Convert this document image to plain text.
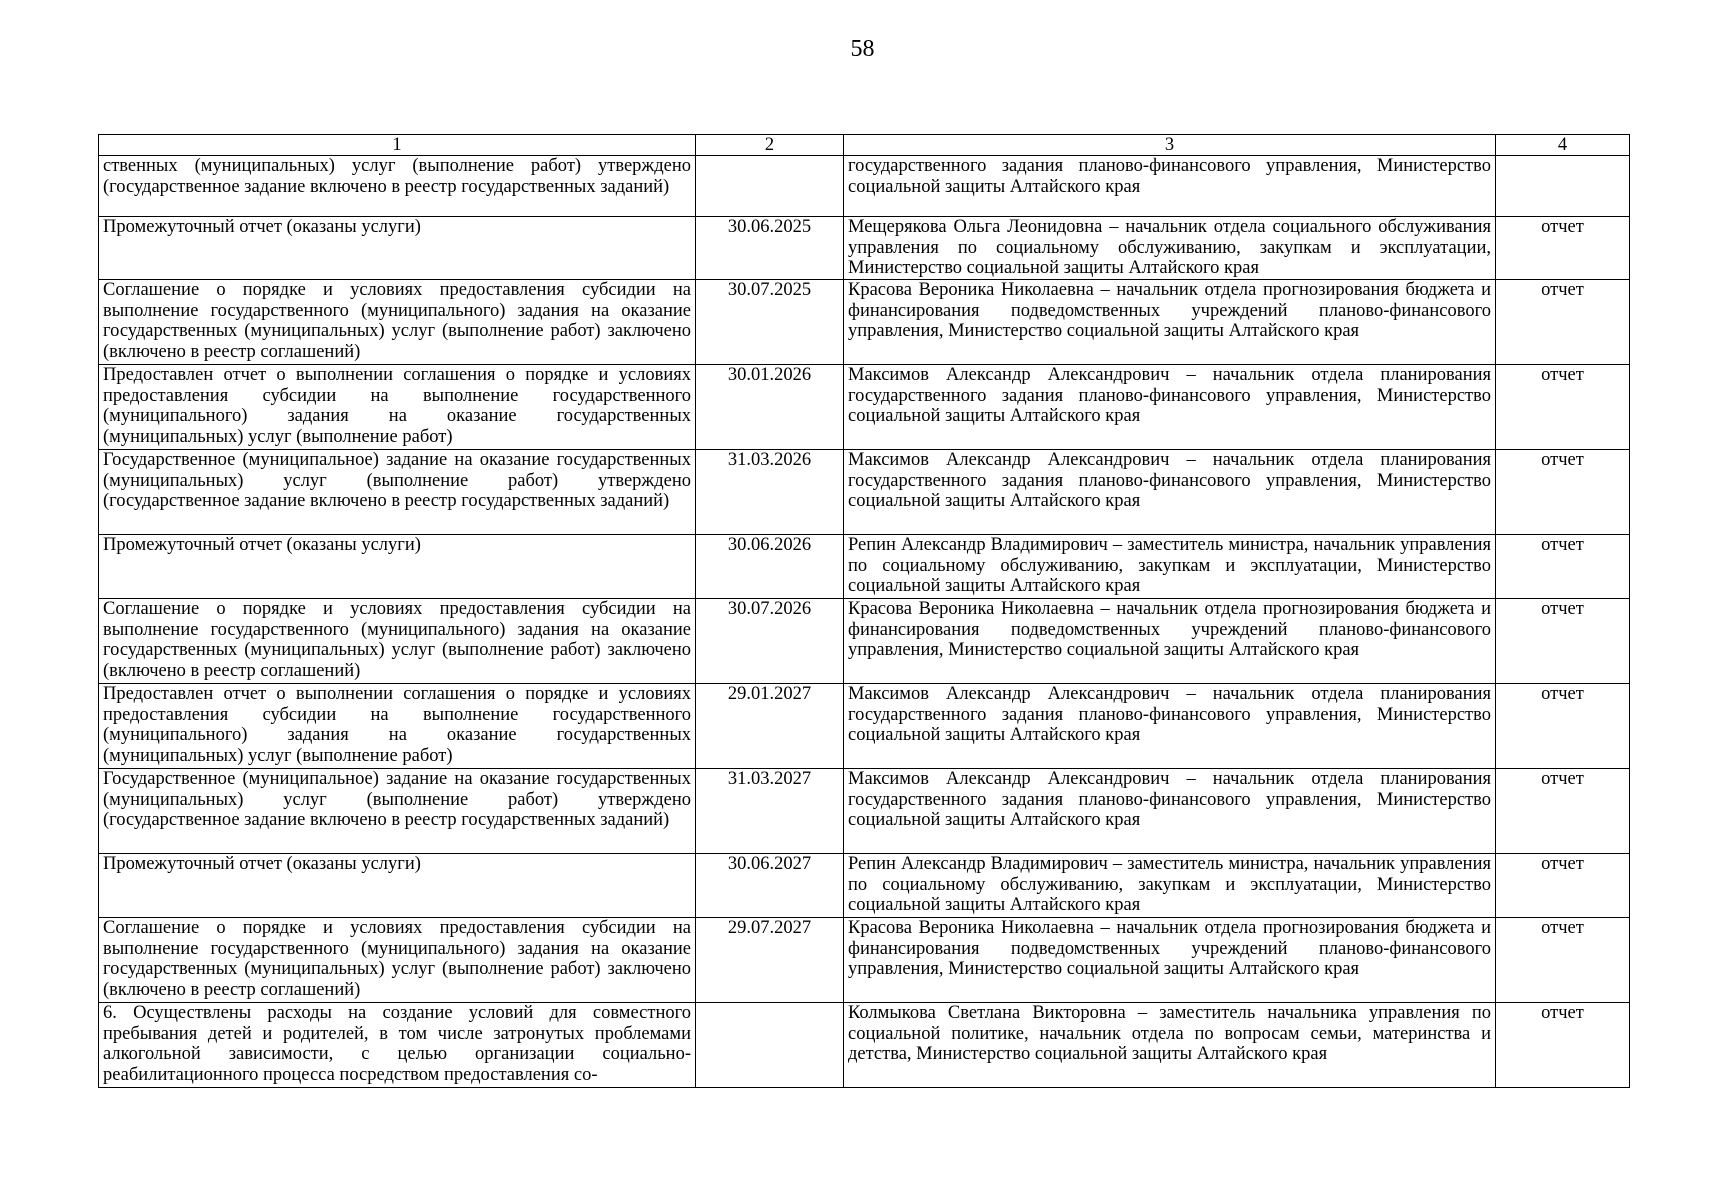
58
1	2	3	4
ственных (муниципальных) услуг (выполнение работ) утверждено (государственное задание включено в реестр государственных заданий)		государственного задания планово-финансового управления, Министерство социальной защиты Алтайского края	
Промежуточный отчет (оказаны услуги)	30.06.2025	Мещерякова Ольга Леонидовна – начальник отдела социального обслуживания управления по социальному обслуживанию, закупкам и эксплуатации, Министерство социальной защиты Алтайского края	отчет
Соглашение о порядке и условиях предоставления субсидии на выполнение государственного (муниципального) задания на оказание государственных (муниципальных) услуг (выполнение работ) заключено (включено в реестр соглашений)	30.07.2025	Красова Вероника Николаевна – начальник отдела прогнозирования бюджета и финансирования подведомственных учреждений планово-финансового управления, Министерство социальной защиты Алтайского края	отчет
Предоставлен отчет о выполнении соглашения о порядке и условиях предоставления субсидии на выполнение государственного (муниципального) задания на оказание государственных (муниципальных) услуг (выполнение работ)	30.01.2026	Максимов Александр Александрович – начальник отдела планирования государственного задания планово-финансового управления, Министерство социальной защиты Алтайского края	отчет
Государственное (муниципальное) задание на оказание государственных (муниципальных) услуг (выполнение работ) утверждено (государственное задание включено в реестр государственных заданий)	31.03.2026	Максимов Александр Александрович – начальник отдела планирования государственного задания планово-финансового управления, Министерство социальной защиты Алтайского края	отчет
Промежуточный отчет (оказаны услуги)	30.06.2026	Репин Александр Владимирович – заместитель министра, начальник управления по социальному обслуживанию, закупкам и эксплуатации, Министерство социальной защиты Алтайского края	отчет
Соглашение о порядке и условиях предоставления субсидии на выполнение государственного (муниципального) задания на оказание государственных (муниципальных) услуг (выполнение работ) заключено (включено в реестр соглашений)	30.07.2026	Красова Вероника Николаевна – начальник отдела прогнозирования бюджета и финансирования подведомственных учреждений планово-финансового управления, Министерство социальной защиты Алтайского края	отчет
Предоставлен отчет о выполнении соглашения о порядке и условиях предоставления субсидии на выполнение государственного (муниципального) задания на оказание государственных (муниципальных) услуг (выполнение работ)	29.01.2027	Максимов Александр Александрович – начальник отдела планирования государственного задания планово-финансового управления, Министерство социальной защиты Алтайского края	отчет
Государственное (муниципальное) задание на оказание государственных (муниципальных) услуг (выполнение работ) утверждено (государственное задание включено в реестр государственных заданий)	31.03.2027	Максимов Александр Александрович – начальник отдела планирования государственного задания планово-финансового управления, Министерство социальной защиты Алтайского края	отчет
Промежуточный отчет (оказаны услуги)	30.06.2027	Репин Александр Владимирович – заместитель министра, начальник управления по социальному обслуживанию, закупкам и эксплуатации, Министерство социальной защиты Алтайского края	отчет
Соглашение о порядке и условиях предоставления субсидии на выполнение государственного (муниципального) задания на оказание государственных (муниципальных) услуг (выполнение работ) заключено (включено в реестр соглашений)	29.07.2027	Красова Вероника Николаевна – начальник отдела прогнозирования бюджета и финансирования подведомственных учреждений планово-финансового управления, Министерство социальной защиты Алтайского края	отчет
6. Осуществлены расходы на создание условий для совместного пребывания детей и родителей, в том числе затронутых проблемами алкогольной зависимости, с целью организации социально-реабилитационного процесса посредством предоставления со-		Колмыкова Светлана Викторовна – заместитель начальника управления по социальной политике, начальник отдела по вопросам семьи, материнства и детства, Министерство социальной защиты Алтайского края	отчет
